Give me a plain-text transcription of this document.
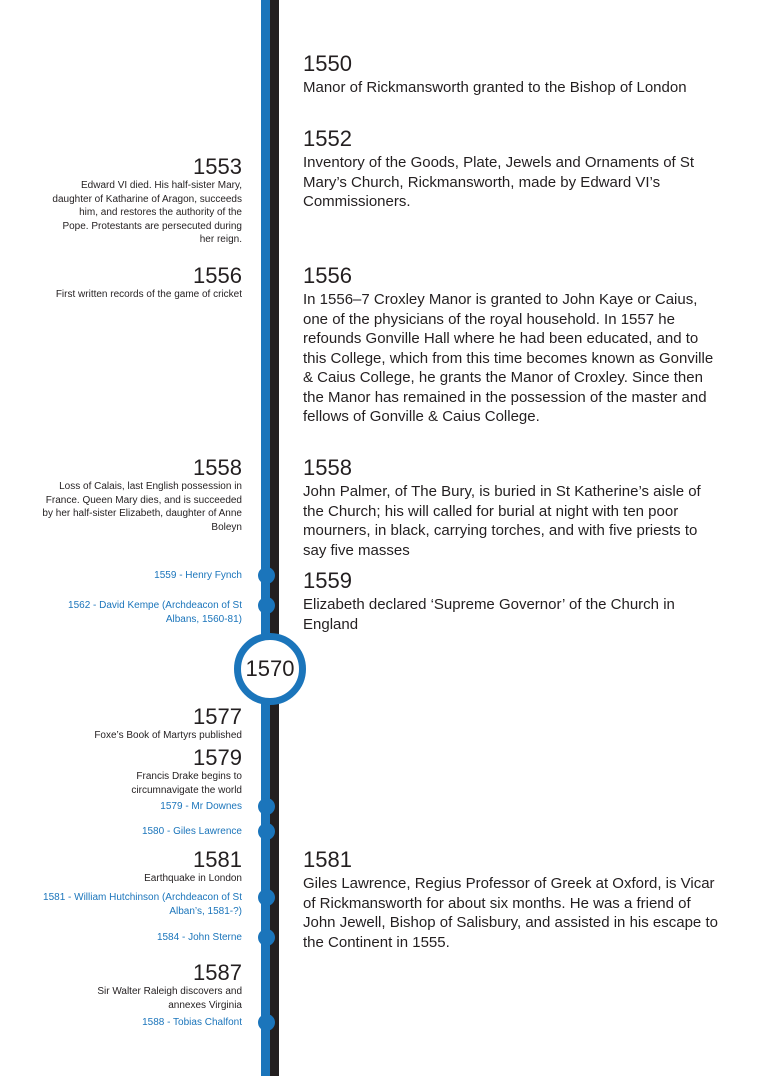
1570
1550
Manor of Rickmansworth granted to the Bishop of London
1552
Inventory of the Goods, Plate, Jewels and Ornaments of St Mary’s Church, Rickmansworth, made by Edward VI’s Commissioners.
1556
In 1556–7 Croxley Manor is granted to John Kaye or Caius, one of the physicians of the royal household. In 1557 he refounds Gonville Hall where he had been educated, and to this College, which from this time becomes known as Gonville & Caius College, he grants the Manor of Croxley. Since then the Manor has remained in the possession of the master and fellows of Gonville & Caius College.
1558
John Palmer, of The Bury, is buried in St Katherine’s aisle of the Church; his will called for burial at night with ten poor mourners, in black, carrying torches, and with five priests to say five masses
1559
Elizabeth declared ‘Supreme Governor’ of the Church in England
1581
Giles Lawrence, Regius Professor of Greek at Oxford, is Vicar of Rickmansworth for about six months. He was a friend of John Jewell, Bishop of Salisbury, and assisted in his escape to the Continent in 1555.
1553
Edward VI died. His half-sister Mary, daughter of Katharine of Aragon, succeeds him, and restores the authority of the Pope. Protestants are persecuted during her reign.
1556
First written records of the game of cricket
1558
Loss of Calais, last English possession in France. Queen Mary dies, and is succeeded by her half-sister Elizabeth, daughter of Anne Boleyn
1577
Foxe’s Book of Martyrs published
1579
Francis Drake begins to circumnavigate the world
1581
Earthquake in London
1587
Sir Walter Raleigh discovers and annexes Virginia
1559 - Henry Fynch
1562 - David Kempe (Archdeacon of St Albans, 1560-81)
1579 - Mr Downes
1580 - Giles Lawrence
1581 - William Hutchinson (Archdeacon of St Alban’s, 1581-?)
1584 - John Sterne
1588 - Tobias Chalfont
